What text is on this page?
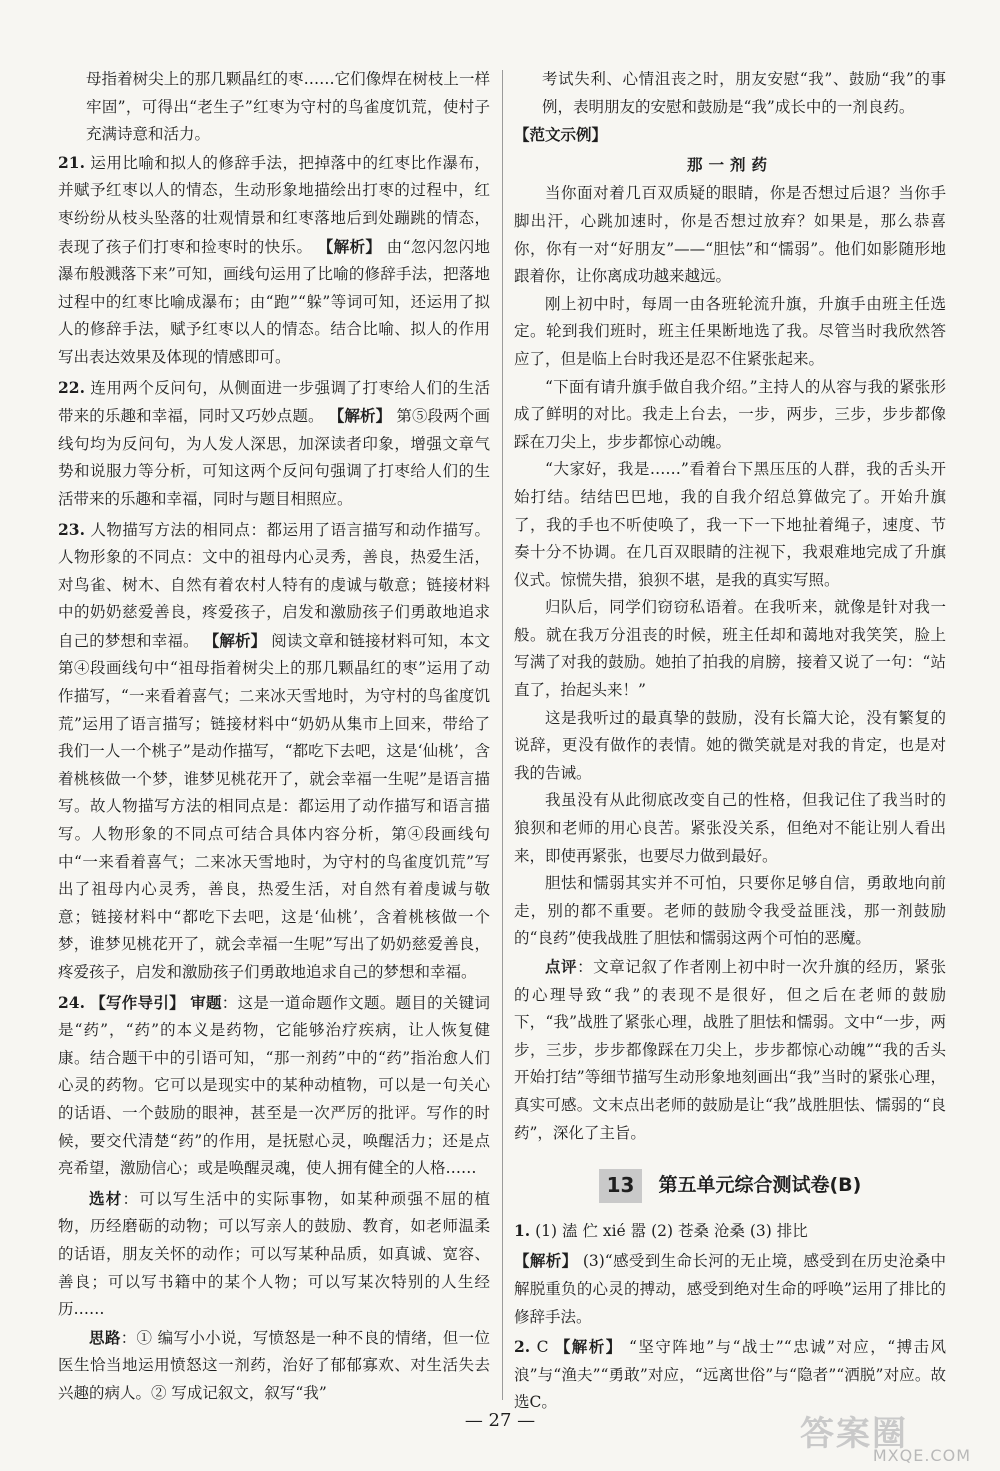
母指着树尖上的那几颗晶红的枣……它们像焊在树枝上一样牢固”，可得出“老生子”红枣为守村的鸟雀度饥荒，使村子充满诗意和活力。

21. 运用比喻和拟人的修辞手法，把掉落中的红枣比作瀑布，并赋予红枣以人的情态，生动形象地描绘出打枣的过程中，红枣纷纷从枝头坠落的壮观情景和红枣落地后到处蹦跳的情态，表现了孩子们打枣和捡枣时的快乐。 【解析】 由“忽闪忽闪地瀑布般溅落下来”可知，画线句运用了比喻的修辞手法，把落地过程中的红枣比喻成瀑布；由“跑”“躲”等词可知，还运用了拟人的修辞手法，赋予红枣以人的情态。结合比喻、拟人的作用写出表达效果及体现的情感即可。

22. 连用两个反问句，从侧面进一步强调了打枣给人们的生活带来的乐趣和幸福，同时又巧妙点题。 【解析】 第⑤段两个画线句均为反问句，为人发人深思，加深读者印象，增强文章气势和说服力等分析，可知这两个反问句强调了打枣给人们的生活带来的乐趣和幸福，同时与题目相照应。

23. 人物描写方法的相同点：都运用了语言描写和动作描写。人物形象的不同点：文中的祖母内心灵秀，善良，热爱生活，对鸟雀、树木、自然有着农村人特有的虔诚与敬意；链接材料中的奶奶慈爱善良，疼爱孩子，启发和激励孩子们勇敢地追求自己的梦想和幸福。 【解析】 阅读文章和链接材料可知，本文第④段画线句中“祖母指着树尖上的那几颗晶红的枣”运用了动作描写，“一来看着喜气；二来冰天雪地时，为守村的鸟雀度饥荒”运用了语言描写；链接材料中“奶奶从集市上回来，带给了我们一人一个桃子”是动作描写，“都吃下去吧，这是‘仙桃’，含着桃核做一个梦，谁梦见桃花开了，就会幸福一生呢”是语言描写。故人物描写方法的相同点是：都运用了动作描写和语言描写。人物形象的不同点可结合具体内容分析，第④段画线句中“一来看着喜气；二来冰天雪地时，为守村的鸟雀度饥荒”写出了祖母内心灵秀，善良，热爱生活，对自然有着虔诚与敬意；链接材料中“都吃下去吧，这是‘仙桃’，含着桃核做一个梦，谁梦见桃花开了，就会幸福一生呢”写出了奶奶慈爱善良，疼爱孩子，启发和激励孩子们勇敢地追求自己的梦想和幸福。

24. 【写作导引】 审题：这是一道命题作文题。题目的关键词是“药”，“药”的本义是药物，它能够治疗疾病，让人恢复健康。结合题干中的引语可知，“那一剂药”中的“药”指治愈人们心灵的药物。它可以是现实中的某种动植物，可以是一句关心的话语、一个鼓励的眼神，甚至是一次严厉的批评。写作的时候，要交代清楚“药”的作用，是抚慰心灵，唤醒活力；还是点亮希望，激励信心；或是唤醒灵魂，使人拥有健全的人格……

选材：可以写生活中的实际事物，如某种顽强不屈的植物，历经磨砺的动物；可以写亲人的鼓励、教育，如老师温柔的话语，朋友关怀的动作；可以写某种品质，如真诚、宽容、善良；可以写书籍中的某个人物；可以写某次特别的人生经历……

思路：① 编写小小说，写愤怒是一种不良的情绪，但一位医生恰当地运用愤怒这一剂药，治好了郁郁寡欢、对生活失去兴趣的病人。② 写成记叙文，叙写“我”

考试失利、心情沮丧之时，朋友安慰“我”、鼓励“我”的事例，表明朋友的安慰和鼓励是“我”成长中的一剂良药。

【范文示例】

那一剂药

当你面对着几百双质疑的眼睛，你是否想过后退？当你手脚出汗，心跳加速时，你是否想过放弃？如果是，那么恭喜你，你有一对“好朋友”——“胆怯”和“懦弱”。他们如影随形地跟着你，让你离成功越来越远。

刚上初中时，每周一由各班轮流升旗，升旗手由班主任选定。轮到我们班时，班主任果断地选了我。尽管当时我欣然答应了，但是临上台时我还是忍不住紧张起来。

“下面有请升旗手做自我介绍。”主持人的从容与我的紧张形成了鲜明的对比。我走上台去，一步，两步，三步，步步都像踩在刀尖上，步步都惊心动魄。

“大家好，我是……”看着台下黑压压的人群，我的舌头开始打结。结结巴巴地，我的自我介绍总算做完了。开始升旗了，我的手也不听使唤了，我一下一下地扯着绳子，速度、节奏十分不协调。在几百双眼睛的注视下，我艰难地完成了升旗仪式。惊慌失措，狼狈不堪，是我的真实写照。

归队后，同学们窃窃私语着。在我听来，就像是针对我一般。就在我万分沮丧的时候，班主任却和蔼地对我笑笑，脸上写满了对我的鼓励。她拍了拍我的肩膀，接着又说了一句：“站直了，抬起头来！”

这是我听过的最真挚的鼓励，没有长篇大论，没有繁复的说辞，更没有做作的表情。她的微笑就是对我的肯定，也是对我的告诫。

我虽没有从此彻底改变自己的性格，但我记住了我当时的狼狈和老师的用心良苦。紧张没关系，但绝对不能让别人看出来，即使再紧张，也要尽力做到最好。

胆怯和懦弱其实并不可怕，只要你足够自信，勇敢地向前走，别的都不重要。老师的鼓励令我受益匪浅，那一剂鼓励的“良药”使我战胜了胆怯和懦弱这两个可怕的恶魔。

点评：文章记叙了作者刚上初中时一次升旗的经历，紧张的心理导致“我”的表现不是很好，但之后在老师的鼓励下，“我”战胜了紧张心理，战胜了胆怯和懦弱。文中“一步，两步，三步，步步都像踩在刀尖上，步步都惊心动魄”“我的舌头开始打结”等细节描写生动形象地刻画出“我”当时的紧张心理，真实可感。文末点出老师的鼓励是让“我”战胜胆怯、懦弱的“良药”，深化了主旨。

13	第五单元综合测试卷(B)

1. (1) 溘 伫 xié 嚣 (2) 苍桑 沧桑 (3) 排比

【解析】 (3)“感受到生命长河的无止境，感受到在历史沧桑中解脱重负的心灵的搏动，感受到绝对生命的呼唤”运用了排比的修辞手法。

2. C 【解析】 “坚守阵地”与“战士”“忠诚”对应，“搏击风浪”与“渔夫”“勇敢”对应，“远离世俗”与“隐者”“洒脱”对应。故选C。

— 27 —	答案圈
MXQE.COM
